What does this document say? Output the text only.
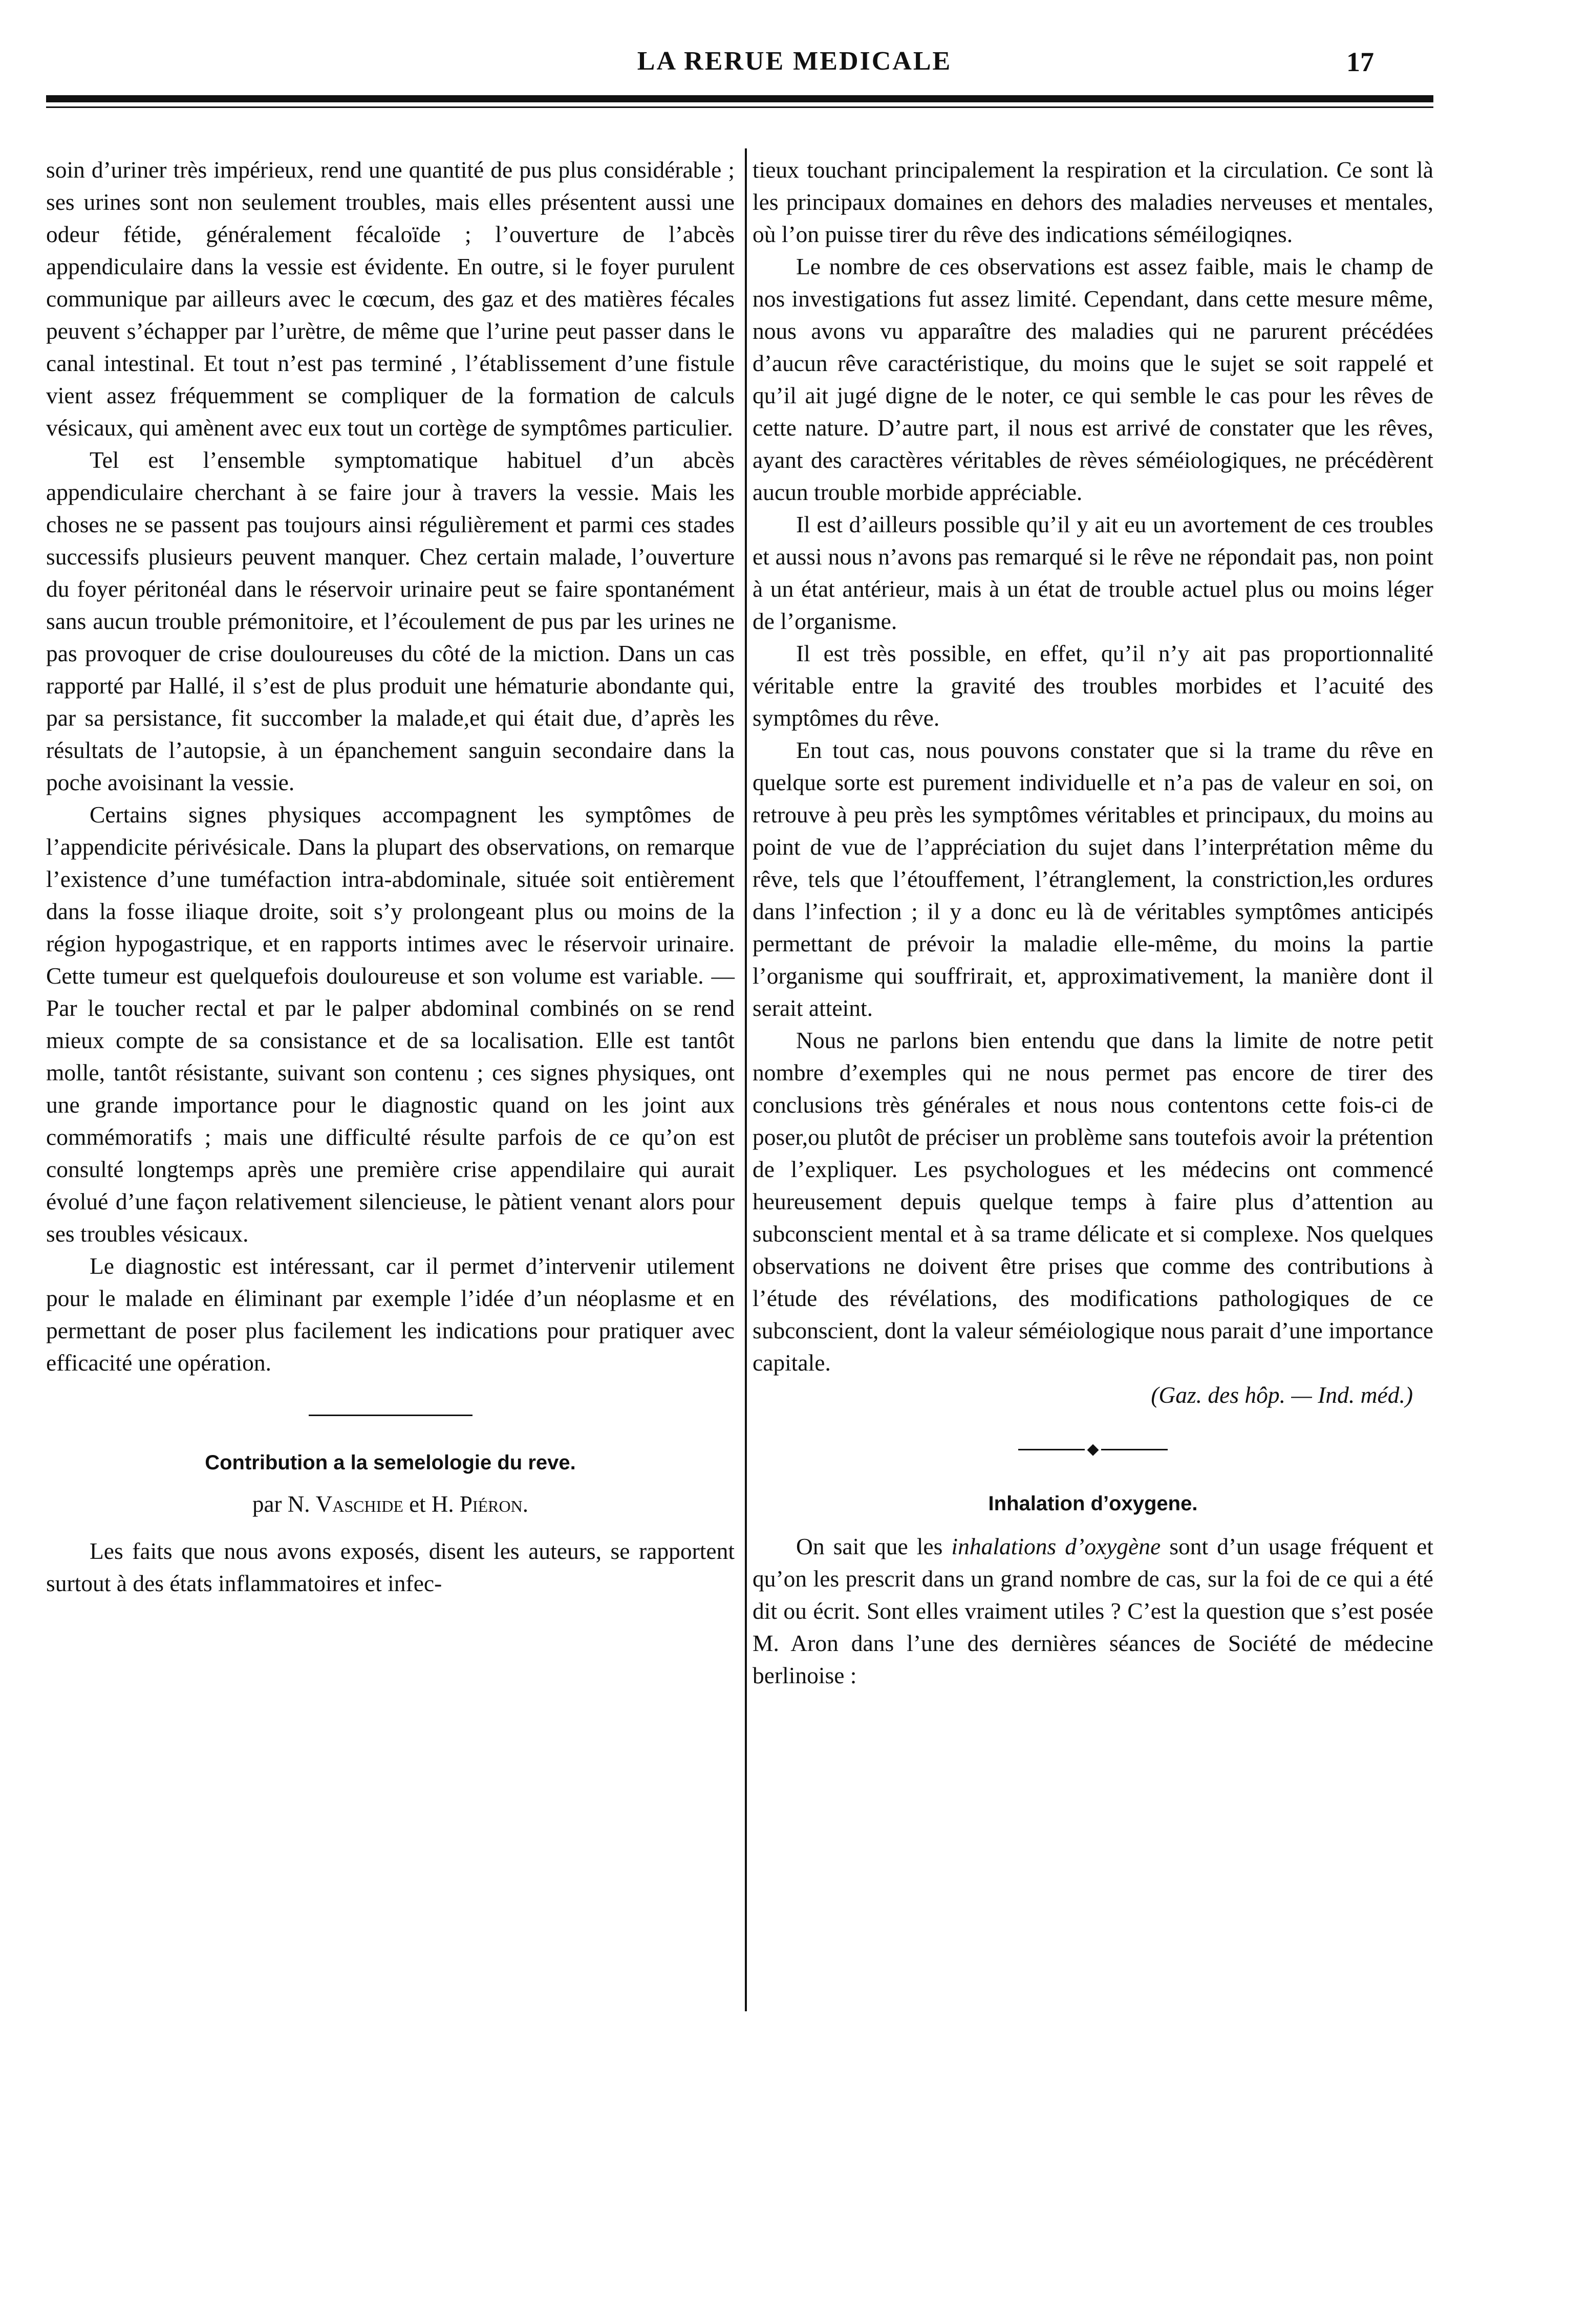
LA RERUE MEDICALE	17

soin d’uriner très impérieux, rend une quantité de pus plus considérable ; ses urines sont non seulement troubles, mais elles présentent aussi une odeur fétide, généralement fécaloïde ; l’ouverture de l’abcès appendiculaire dans la vessie est évidente. En outre, si le foyer purulent communique par ailleurs avec le cœcum, des gaz et des matières fécales peuvent s’échapper par l’urètre, de même que l’urine peut passer dans le canal intestinal. Et tout n’est pas terminé , l’établissement d’une fistule vient assez fréquemment se compliquer de la formation de calculs vésicaux, qui amènent avec eux tout un cortège de symptômes particulier.

Tel est l’ensemble symptomatique habituel d’un abcès appendiculaire cherchant à se faire jour à travers la vessie. Mais les choses ne se passent pas toujours ainsi régulièrement et parmi ces stades successifs plusieurs peuvent manquer. Chez certain malade, l’ouverture du foyer péritonéal dans le réservoir urinaire peut se faire spontanément sans aucun trouble prémonitoire, et l’écoulement de pus par les urines ne pas provoquer de crise douloureuses du côté de la miction. Dans un cas rapporté par Hallé, il s’est de plus produit une hématurie abondante qui, par sa persistance, fit succomber la malade,et qui était due, d’après les résultats de l’autopsie, à un épanchement sanguin secondaire dans la poche avoisinant la vessie.

Certains signes physiques accompagnent les symptômes de l’appendicite périvésicale. Dans la plupart des observations, on remarque l’existence d’une tuméfaction intra-abdominale, située soit entièrement dans la fosse iliaque droite, soit s’y prolongeant plus ou moins de la région hypogastrique, et en rapports intimes avec le réservoir urinaire. Cette tumeur est quelquefois douloureuse et son volume est variable. — Par le toucher rectal et par le palper abdominal combinés on se rend mieux compte de sa consistance et de sa localisation. Elle est tantôt molle, tantôt résistante, suivant son contenu ; ces signes physiques, ont une grande importance pour le diagnostic quand on les joint aux commémoratifs ; mais une difficulté résulte parfois de ce qu’on est consulté longtemps après une première crise appendilaire qui aurait évolué d’une façon relativement silencieuse, le pàtient venant alors pour ses troubles vésicaux.

Le diagnostic est intéressant, car il permet d’intervenir utilement pour le malade en éliminant par exemple l’idée d’un néoplasme et en permettant de poser plus facilement les indications pour pratiquer avec efficacité une opération.

Contribution a la semelologie du reve.
par N. Vaschide et H. Piéron.

Les faits que nous avons exposés, disent les auteurs, se rapportent surtout à des états inflammatoires et infec-

tieux touchant principalement la respiration et la circulation. Ce sont là les principaux domaines en dehors des maladies nerveuses et mentales, où l’on puisse tirer du rêve des indications séméilogiqnes.

Le nombre de ces observations est assez faible, mais le champ de nos investigations fut assez limité. Cependant, dans cette mesure même, nous avons vu apparaître des maladies qui ne parurent précédées d’aucun rêve caractéristique, du moins que le sujet se soit rappelé et qu’il ait jugé digne de le noter, ce qui semble le cas pour les rêves de cette nature. D’autre part, il nous est arrivé de constater que les rêves, ayant des caractères véritables de rèves séméiologiques, ne précédèrent aucun trouble morbide appréciable.

Il est d’ailleurs possible qu’il y ait eu un avortement de ces troubles et aussi nous n’avons pas remarqué si le rêve ne répondait pas, non point à un état antérieur, mais à un état de trouble actuel plus ou moins léger de l’organisme.

Il est très possible, en effet, qu’il n’y ait pas proportionnalité véritable entre la gravité des troubles morbides et l’acuité des symptômes du rêve.

En tout cas, nous pouvons constater que si la trame du rêve en quelque sorte est purement individuelle et n’a pas de valeur en soi, on retrouve à peu près les symptômes véritables et principaux, du moins au point de vue de l’appréciation du sujet dans l’interprétation même du rêve, tels que l’étouffement, l’étranglement, la constriction,les ordures dans l’infection ; il y a donc eu là de véritables symptômes anticipés permettant de prévoir la maladie elle-même, du moins la partie l’organisme qui souffrirait, et, approximativement, la manière dont il serait atteint.

Nous ne parlons bien entendu que dans la limite de notre petit nombre d’exemples qui ne nous permet pas encore de tirer des conclusions très générales et nous nous contentons cette fois-ci de poser,ou plutôt de préciser un problème sans toutefois avoir la prétention de l’expliquer. Les psychologues et les médecins ont commencé heureusement depuis quelque temps à faire plus d’attention au subconscient mental et à sa trame délicate et si complexe. Nos quelques observations ne doivent être prises que comme des contributions à l’étude des révélations, des modifications pathologiques de ce subconscient, dont la valeur séméiologique nous parait d’une importance capitale.

(Gaz. des hôp. — Ind. méd.)

◆
Inhalation d’oxygene.

On sait que les inhalations d’oxygène sont d’un usage fréquent et qu’on les prescrit dans un grand nombre de cas, sur la foi de ce qui a été dit ou écrit. Sont elles vraiment utiles ? C’est la question que s’est posée M. Aron dans l’une des dernières séances de Société de médecine berlinoise :
